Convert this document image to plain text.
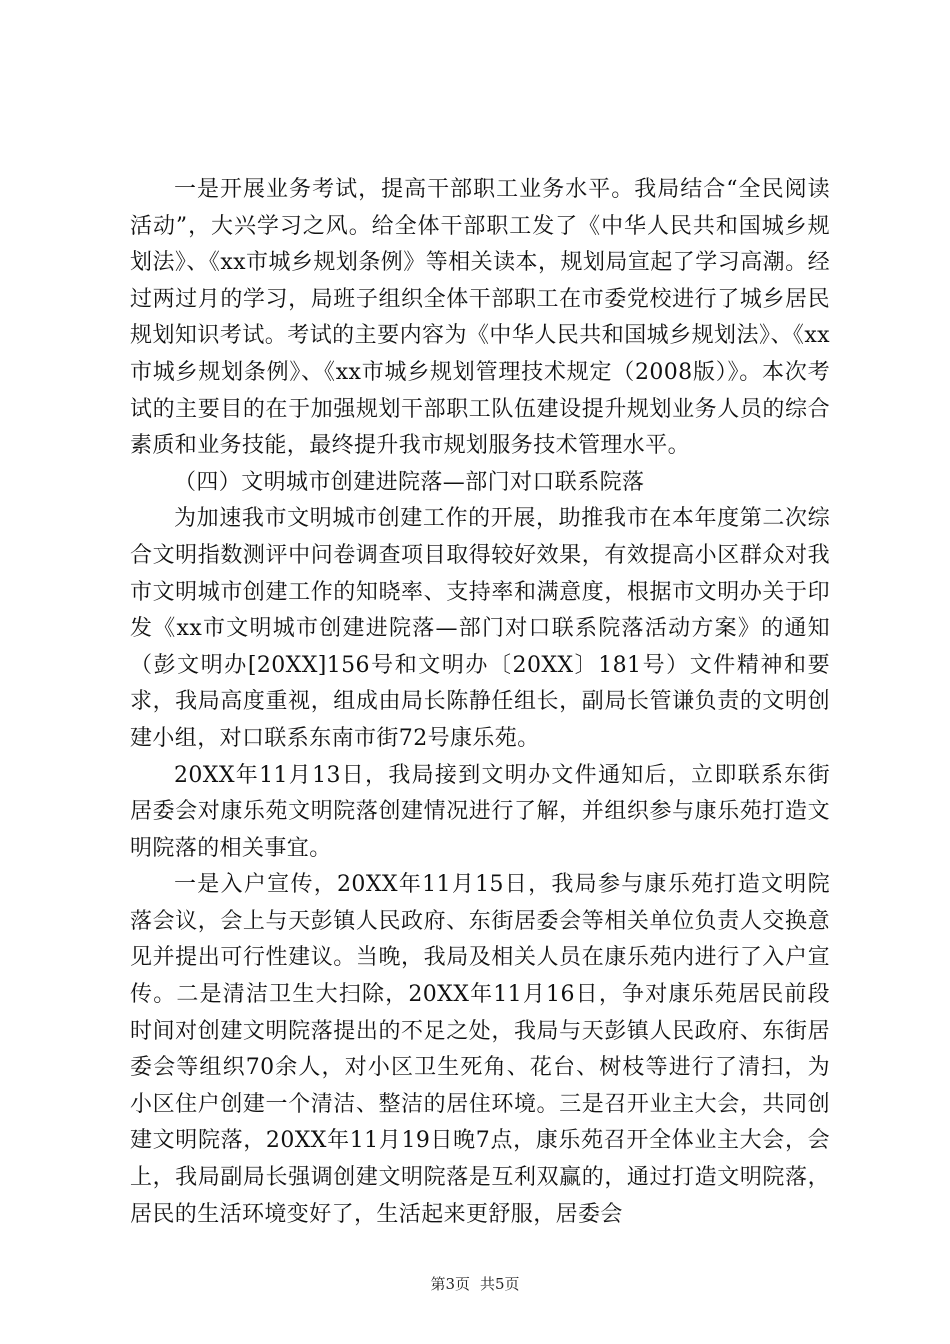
一是开展业务考试，提高干部职工业务水平。我局结合“全民阅读活动”，大兴学习之风。给全体干部职工发了《中华人民共和国城乡规划法》、《xx市城乡规划条例》等相关读本，规划局宣起了学习高潮。经过两过月的学习，局班子组织全体干部职工在市委党校进行了城乡居民规划知识考试。考试的主要内容为《中华人民共和国城乡规划法》、《xx市城乡规划条例》、《xx市城乡规划管理技术规定（2008版）》。本次考试的主要目的在于加强规划干部职工队伍建设提升规划业务人员的综合素质和业务技能，最终提升我市规划服务技术管理水平。

（四）文明城市创建进院落—部门对口联系院落

为加速我市文明城市创建工作的开展，助推我市在本年度第二次综合文明指数测评中问卷调查项目取得较好效果，有效提高小区群众对我市文明城市创建工作的知晓率、支持率和满意度，根据市文明办关于印发《xx市文明城市创建进院落—部门对口联系院落活动方案》的通知（彭文明办[20XX]156号和文明办〔20XX〕181号）文件精神和要求，我局高度重视，组成由局长陈静任组长，副局长管谦负责的文明创建小组，对口联系东南市街72号康乐苑。

20XX年11月13日，我局接到文明办文件通知后，立即联系东街居委会对康乐苑文明院落创建情况进行了解，并组织参与康乐苑打造文明院落的相关事宜。

一是入户宣传，20XX年11月15日，我局参与康乐苑打造文明院落会议，会上与天彭镇人民政府、东街居委会等相关单位负责人交换意见并提出可行性建议。当晚，我局及相关人员在康乐苑内进行了入户宣传。二是清洁卫生大扫除，20XX年11月16日，争对康乐苑居民前段时间对创建文明院落提出的不足之处，我局与天彭镇人民政府、东街居委会等组织70余人，对小区卫生死角、花台、树枝等进行了清扫，为小区住户创建一个清洁、整洁的居住环境。三是召开业主大会，共同创建文明院落，20XX年11月19日晚7点，康乐苑召开全体业主大会，会上，我局副局长强调创建文明院落是互利双赢的，通过打造文明院落，居民的生活环境变好了，生活起来更舒服，居委会

第3页 共5页
